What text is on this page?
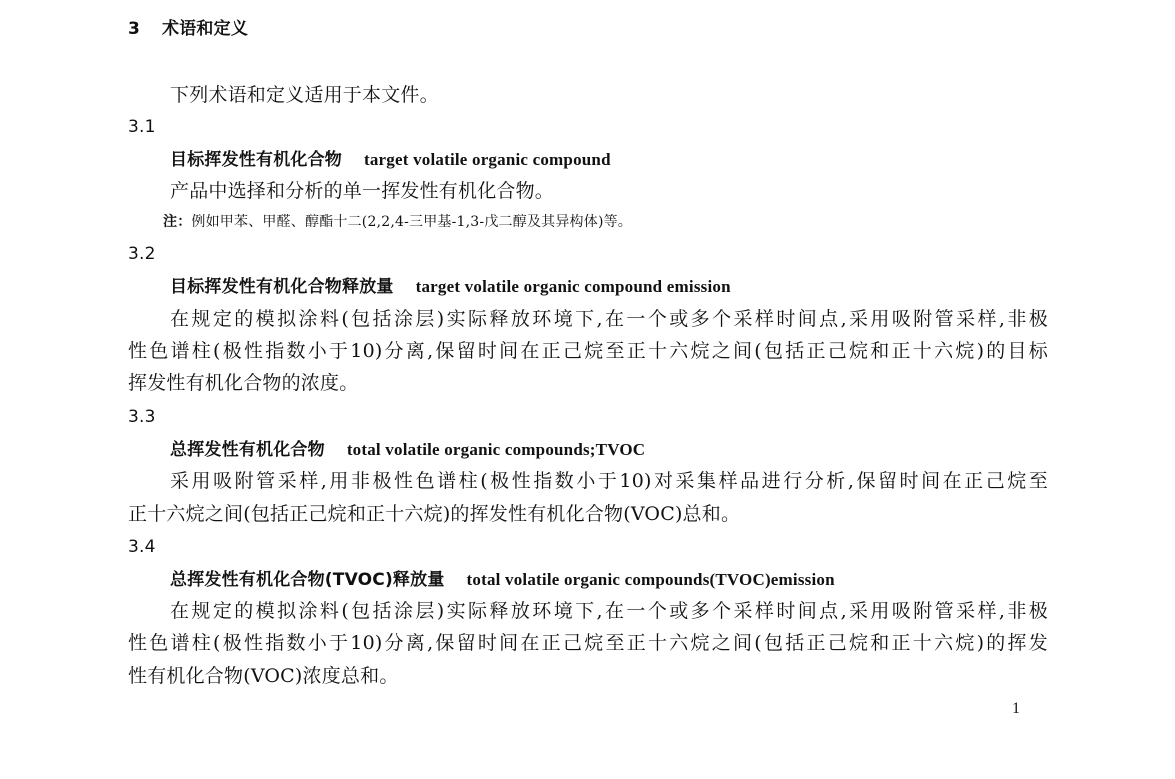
3 术语和定义
下列术语和定义适用于本文件。
3.1
目标挥发性有机化合物 target volatile organic compound
产品中选择和分析的单一挥发性有机化合物。
注：例如甲苯、甲醛、醇酯十二(2,2,4-三甲基-1,3-戊二醇及其异构体)等。
3.2
目标挥发性有机化合物释放量 target volatile organic compound emission
在规定的模拟涂料(包括涂层)实际释放环境下,在一个或多个采样时间点,采用吸附管采样,非极
性色谱柱(极性指数小于10)分离,保留时间在正己烷至正十六烷之间(包括正己烷和正十六烷)的目标
挥发性有机化合物的浓度。
3.3
总挥发性有机化合物 total volatile organic compounds;TVOC
采用吸附管采样,用非极性色谱柱(极性指数小于10)对采集样品进行分析,保留时间在正己烷至
正十六烷之间(包括正己烷和正十六烷)的挥发性有机化合物(VOC)总和。
3.4
总挥发性有机化合物(TVOC)释放量 total volatile organic compounds(TVOC)emission
在规定的模拟涂料(包括涂层)实际释放环境下,在一个或多个采样时间点,采用吸附管采样,非极
性色谱柱(极性指数小于10)分离,保留时间在正己烷至正十六烷之间(包括正己烷和正十六烷)的挥发
性有机化合物(VOC)浓度总和。
1
